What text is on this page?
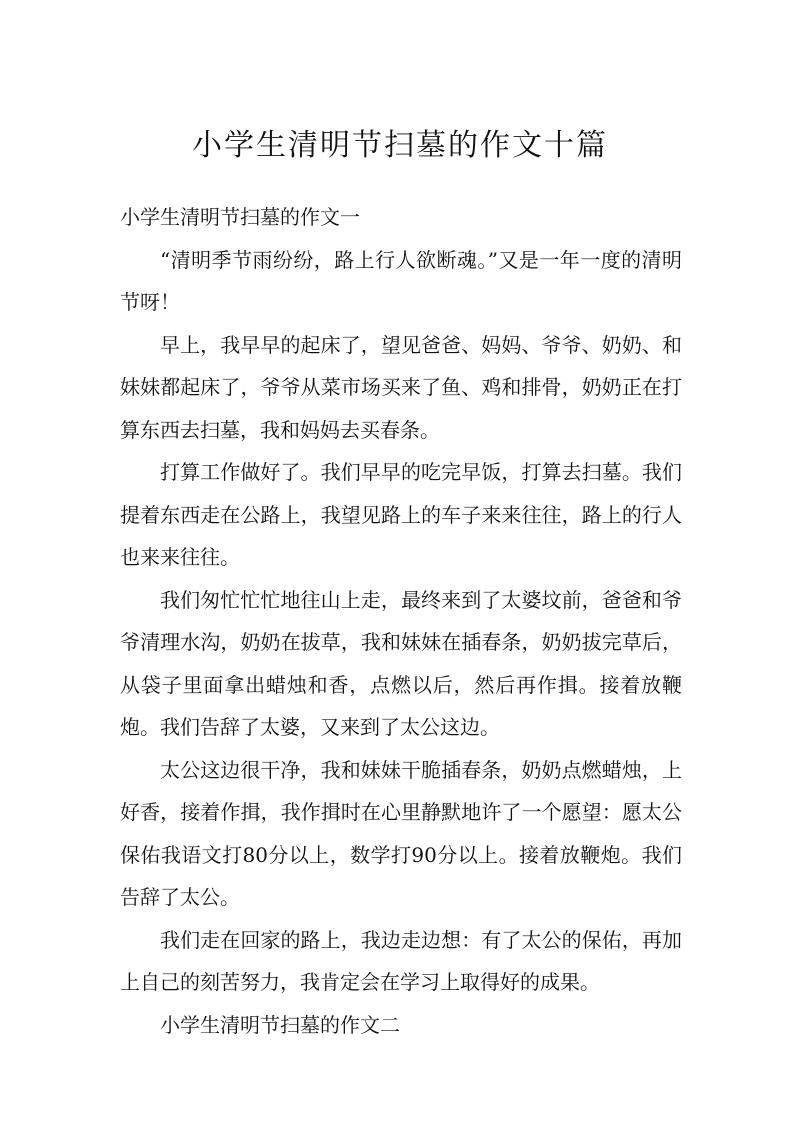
小学生清明节扫墓的作文十篇

小学生清明节扫墓的作文一

“清明季节雨纷纷，路上行人欲断魂。”又是一年一度的清明节呀！

早上，我早早的起床了，望见爸爸、妈妈、爷爷、奶奶、和妹妹都起床了，爷爷从菜市场买来了鱼、鸡和排骨，奶奶正在打算东西去扫墓，我和妈妈去买春条。

打算工作做好了。我们早早的吃完早饭，打算去扫墓。我们提着东西走在公路上，我望见路上的车子来来往往，路上的行人也来来往往。

我们匆忙忙忙地往山上走，最终来到了太婆坟前，爸爸和爷爷清理水沟，奶奶在拔草，我和妹妹在插春条，奶奶拔完草后，从袋子里面拿出蜡烛和香，点燃以后，然后再作揖。接着放鞭炮。我们告辞了太婆，又来到了太公这边。

太公这边很干净，我和妹妹干脆插春条，奶奶点燃蜡烛，上好香，接着作揖，我作揖时在心里静默地许了一个愿望：愿太公保佑我语文打80分以上，数学打90分以上。接着放鞭炮。我们告辞了太公。

我们走在回家的路上，我边走边想：有了太公的保佑，再加上自己的刻苦努力，我肯定会在学习上取得好的成果。

小学生清明节扫墓的作文二
